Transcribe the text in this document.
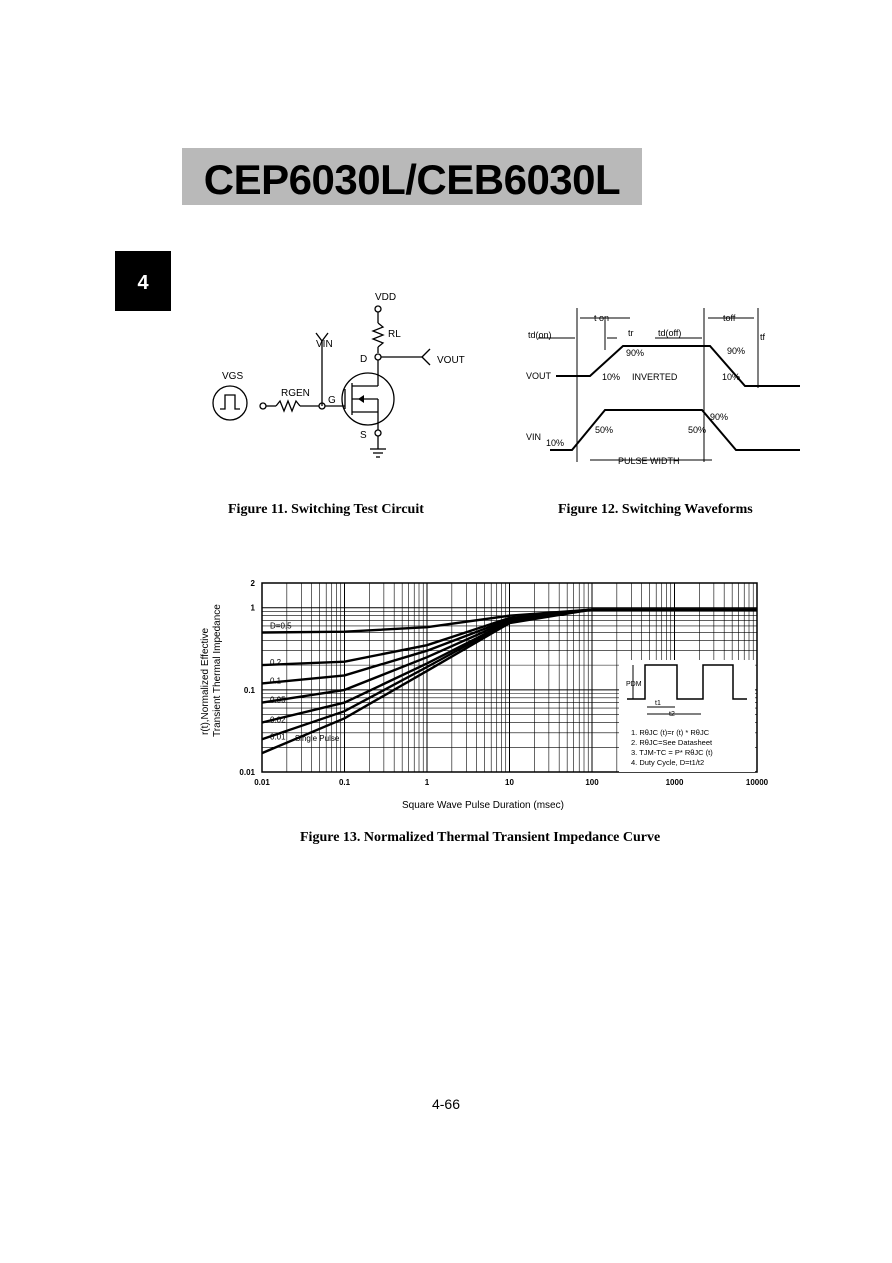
CEP6030L/CEB6030L
4
VDD
RL
VIN
D	VOUT
VGS
RGEN
G
S
t on	toff
td(on)	tr	td(off)	tf
90%	90%
VOUT	10% INVERTED	10%
90%
VIN
50%	50%
10%
PULSE WIDTH
Figure 11. Switching Test Circuit	Figure 12. Switching Waveforms
0.01	0.1	1	10	100	1000	10000
2
1
0.1
0.01
r(t),Normalized Effective Transient Thermal Impedance
Square Wave Pulse Duration (msec)
D=0.5
0.2
0.1
0.05
0.02
0.01 Single Pulse
PDM
t1
t2
1. RθJC (t)=r (t) * RθJC
2. RθJC=See Datasheet
3. TJM-TC = P* RθJC (t)
4. Duty Cycle, D=t1/t2
Figure 13. Normalized Thermal Transient Impedance Curve
4-66
